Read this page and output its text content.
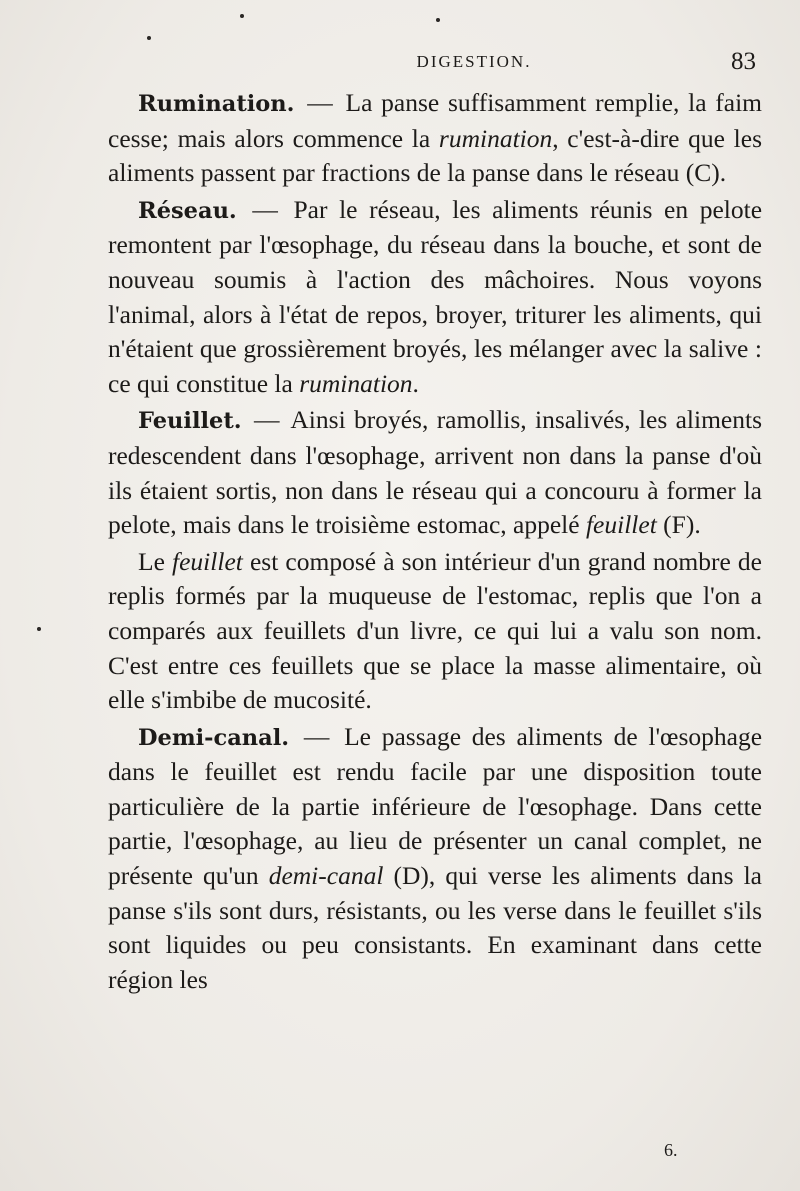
DIGESTION.	83

Rumination. — La panse suffisamment remplie, la faim cesse; mais alors commence la rumination, c'est-à-dire que les aliments passent par fractions de la panse dans le réseau (C).

Réseau. — Par le réseau, les aliments réunis en pelote remontent par l'œsophage, du réseau dans la bouche, et sont de nouveau soumis à l'action des mâchoires. Nous voyons l'animal, alors à l'état de repos, broyer, triturer les aliments, qui n'étaient que grossièrement broyés, les mélanger avec la salive : ce qui constitue la rumination.

Feuillet. — Ainsi broyés, ramollis, insalivés, les aliments redescendent dans l'œsophage, arrivent non dans la panse d'où ils étaient sortis, non dans le réseau qui a concouru à former la pelote, mais dans le troisième estomac, appelé feuillet (F).

Le feuillet est composé à son intérieur d'un grand nombre de replis formés par la muqueuse de l'estomac, replis que l'on a comparés aux feuillets d'un livre, ce qui lui a valu son nom. C'est entre ces feuillets que se place la masse alimentaire, où elle s'imbibe de mucosité.

Demi-canal. — Le passage des aliments de l'œsophage dans le feuillet est rendu facile par une disposition toute particulière de la partie inférieure de l'œsophage. Dans cette partie, l'œsophage, au lieu de présenter un canal complet, ne présente qu'un demi-canal (D), qui verse les aliments dans la panse s'ils sont durs, résistants, ou les verse dans le feuillet s'ils sont liquides ou peu consistants. En examinant dans cette région les

6.
